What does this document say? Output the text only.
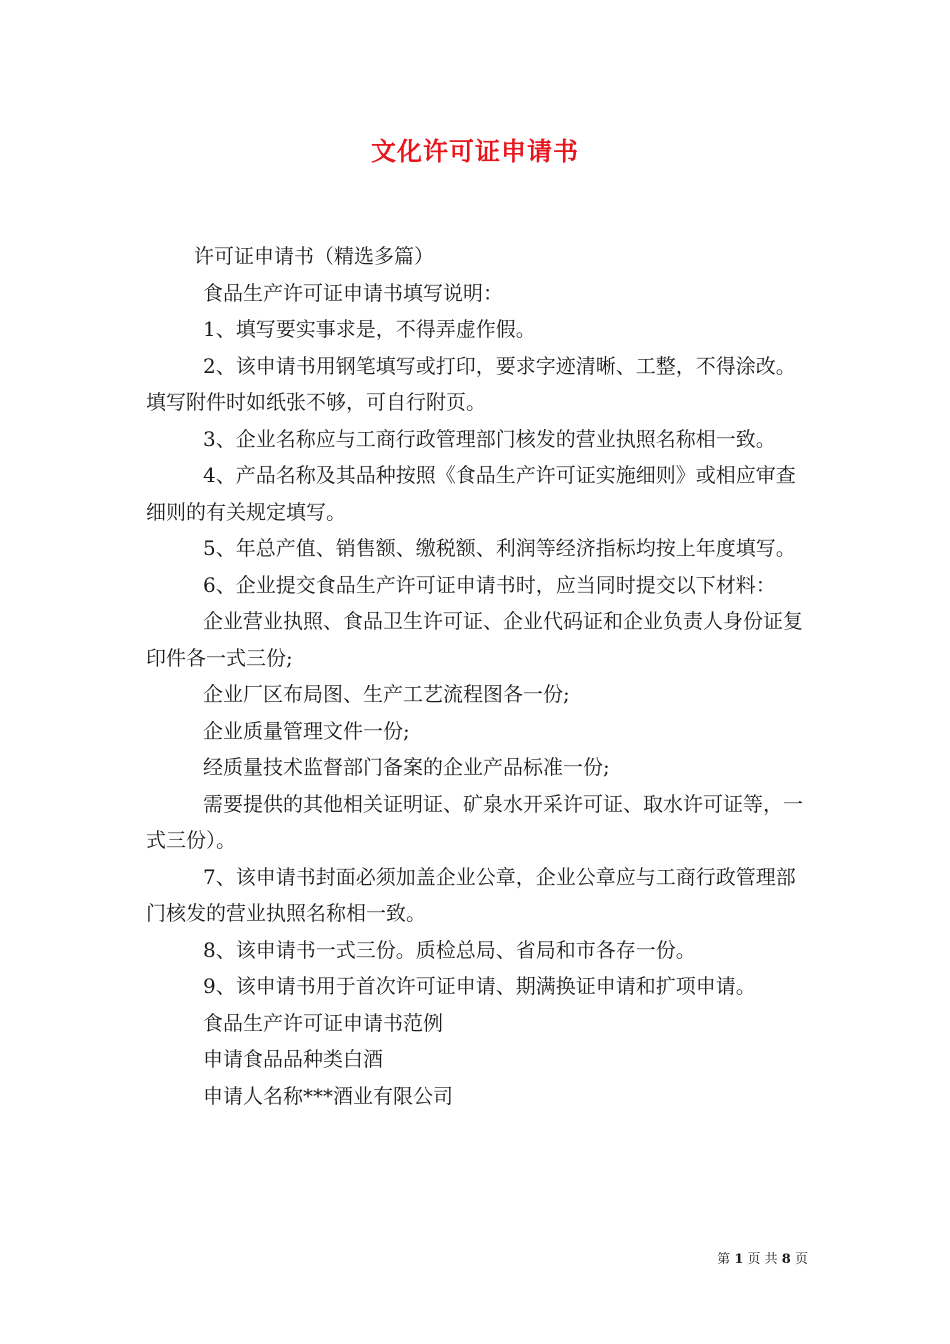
文化许可证申请书

许可证申请书（精选多篇）

食品生产许可证申请书填写说明：

1、填写要实事求是，不得弄虚作假。

2、该申请书用钢笔填写或打印，要求字迹清晰、工整，不得涂改。填写附件时如纸张不够，可自行附页。

3、企业名称应与工商行政管理部门核发的营业执照名称相一致。

4、产品名称及其品种按照《食品生产许可证实施细则》或相应审查细则的有关规定填写。

5、年总产值、销售额、缴税额、利润等经济指标均按上年度填写。

6、企业提交食品生产许可证申请书时，应当同时提交以下材料：

企业营业执照、食品卫生许可证、企业代码证和企业负责人身份证复印件各一式三份;

企业厂区布局图、生产工艺流程图各一份;

企业质量管理文件一份;

经质量技术监督部门备案的企业产品标准一份;

需要提供的其他相关证明证、矿泉水开采许可证、取水许可证等，一式三份）。

7、该申请书封面必须加盖企业公章，企业公章应与工商行政管理部门核发的营业执照名称相一致。

8、该申请书一式三份。质检总局、省局和市各存一份。

9、该申请书用于首次许可证申请、期满换证申请和扩项申请。

食品生产许可证申请书范例

申请食品品种类白酒

申请人名称***酒业有限公司

第 1 页 共 8 页
